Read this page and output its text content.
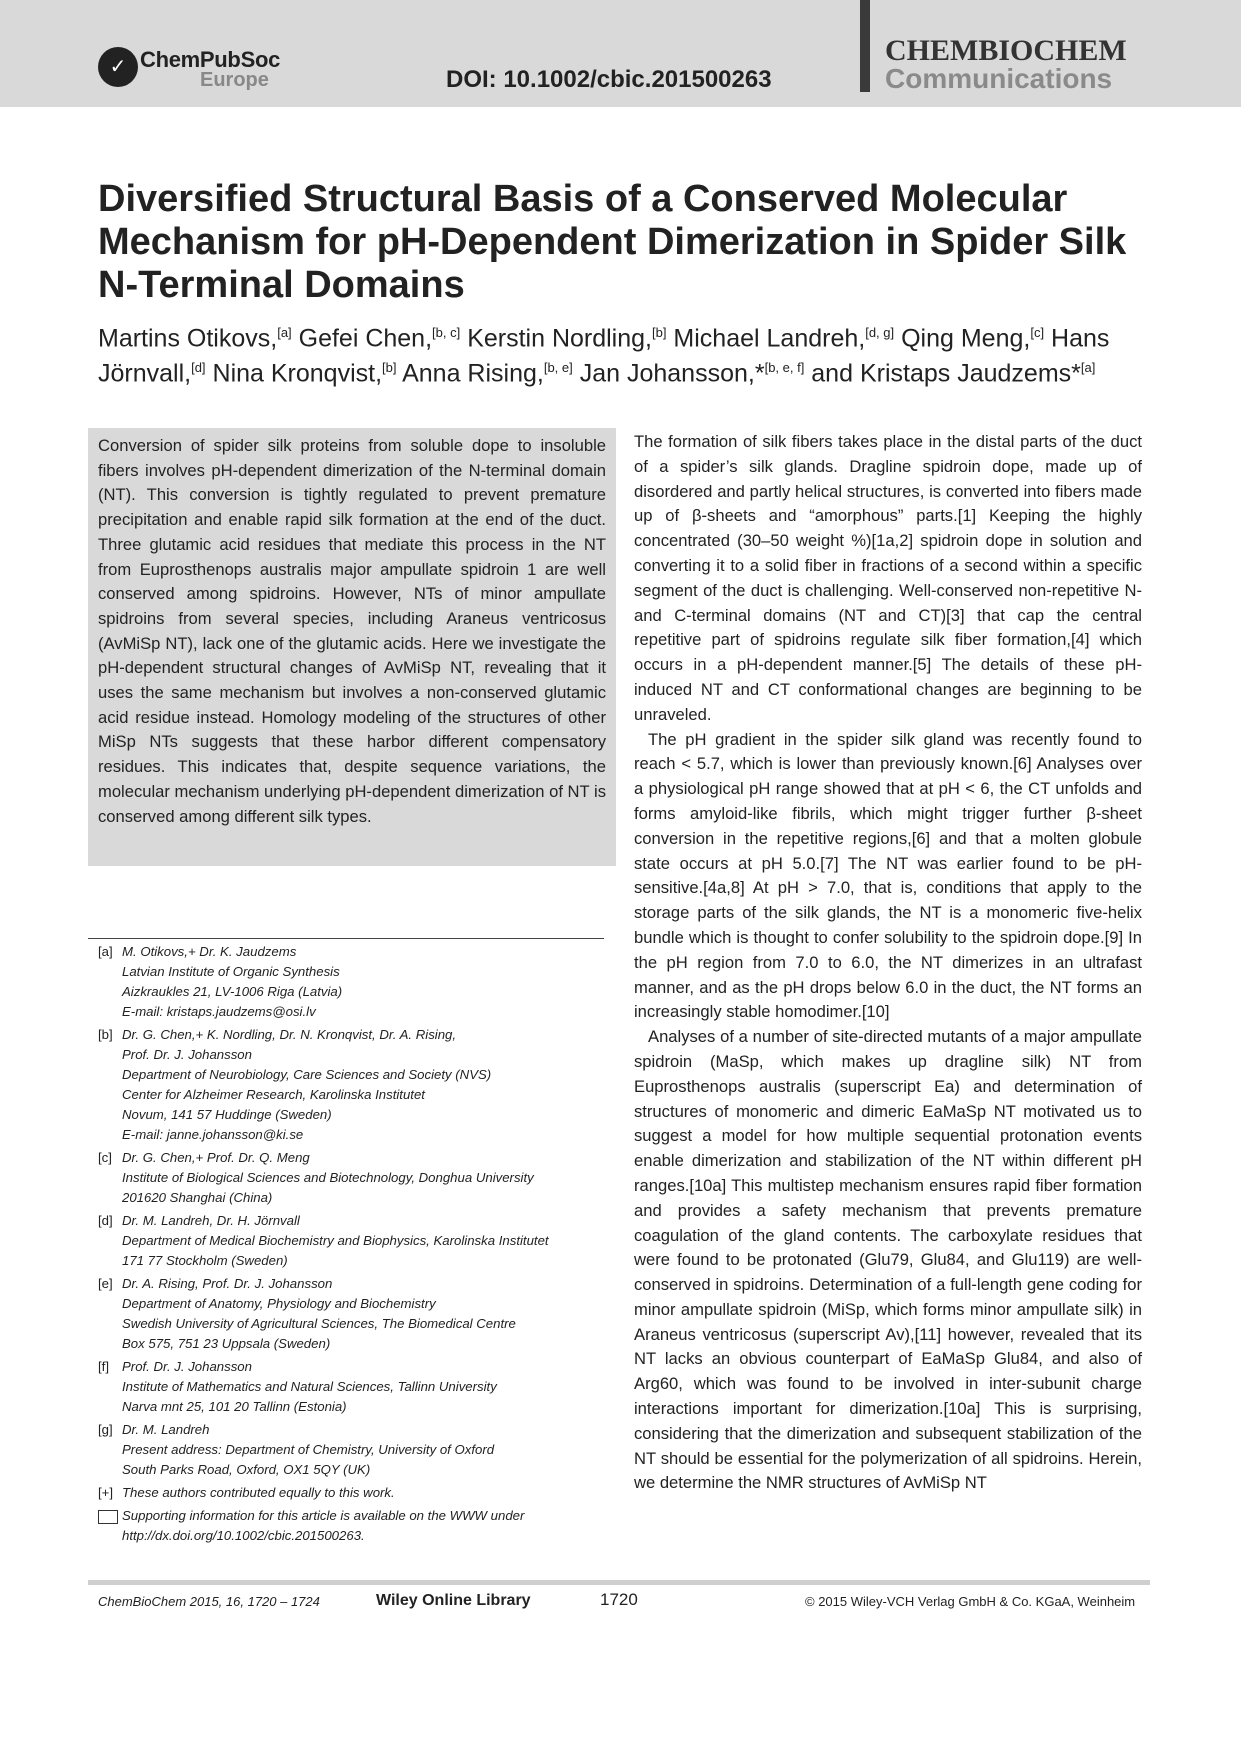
✓ ChemPubSoc
Europe	DOI: 10.1002/cbic.201500263
CHEMBIOCHEM
Communications
Diversified Structural Basis of a Conserved Molecular Mechanism for pH-Dependent Dimerization in Spider Silk N-Terminal Domains

Martins Otikovs,[a] Gefei Chen,[b, c] Kerstin Nordling,[b] Michael Landreh,[d, g] Qing Meng,[c] Hans Jörnvall,[d] Nina Kronqvist,[b] Anna Rising,[b, e] Jan Johansson,*[b, e, f] and Kristaps Jaudzems*[a]

Conversion of spider silk proteins from soluble dope to insoluble fibers involves pH-dependent dimerization of the N-terminal domain (NT). This conversion is tightly regulated to prevent premature precipitation and enable rapid silk formation at the end of the duct. Three glutamic acid residues that mediate this process in the NT from Euprosthenops australis major ampullate spidroin 1 are well conserved among spidroins. However, NTs of minor ampullate spidroins from several species, including Araneus ventricosus (AvMiSp NT), lack one of the glutamic acids. Here we investigate the pH-dependent structural changes of AvMiSp NT, revealing that it uses the same mechanism but involves a non-conserved glutamic acid residue instead. Homology modeling of the structures of other MiSp NTs suggests that these harbor different compensatory residues. This indicates that, despite sequence variations, the molecular mechanism underlying pH-dependent dimerization of NT is conserved among different silk types.

[a] M. Otikovs,+ Dr. K. Jaudzems
Latvian Institute of Organic Synthesis
Aizkraukles 21, LV-1006 Riga (Latvia)
E-mail: kristaps.jaudzems@osi.lv
[b] Dr. G. Chen,+ K. Nordling, Dr. N. Kronqvist, Dr. A. Rising,
Prof. Dr. J. Johansson
Department of Neurobiology, Care Sciences and Society (NVS)
Center for Alzheimer Research, Karolinska Institutet
Novum, 141 57 Huddinge (Sweden)
E-mail: janne.johansson@ki.se
[c] Dr. G. Chen,+ Prof. Dr. Q. Meng
Institute of Biological Sciences and Biotechnology, Donghua University
201620 Shanghai (China)
[d] Dr. M. Landreh, Dr. H. Jörnvall
Department of Medical Biochemistry and Biophysics, Karolinska Institutet
171 77 Stockholm (Sweden)
[e] Dr. A. Rising, Prof. Dr. J. Johansson
Department of Anatomy, Physiology and Biochemistry
Swedish University of Agricultural Sciences, The Biomedical Centre
Box 575, 751 23 Uppsala (Sweden)
[f] Prof. Dr. J. Johansson
Institute of Mathematics and Natural Sciences, Tallinn University
Narva mnt 25, 101 20 Tallinn (Estonia)
[g] Dr. M. Landreh
Present address: Department of Chemistry, University of Oxford
South Parks Road, Oxford, OX1 5QY (UK)
[+] These authors contributed equally to this work.
Supporting information for this article is available on the WWW under
http://dx.doi.org/10.1002/cbic.201500263.

The formation of silk fibers takes place in the distal parts of the duct of a spider’s silk glands. Dragline spidroin dope, made up of disordered and partly helical structures, is converted into fibers made up of β-sheets and “amorphous” parts.[1] Keeping the highly concentrated (30–50 weight %)[1a,2] spidroin dope in solution and converting it to a solid fiber in fractions of a second within a specific segment of the duct is challenging. Well-conserved non-repetitive N- and C-terminal domains (NT and CT)[3] that cap the central repetitive part of spidroins regulate silk fiber formation,[4] which occurs in a pH-dependent manner.[5] The details of these pH-induced NT and CT conformational changes are beginning to be unraveled.

The pH gradient in the spider silk gland was recently found to reach < 5.7, which is lower than previously known.[6] Analyses over a physiological pH range showed that at pH < 6, the CT unfolds and forms amyloid-like fibrils, which might trigger further β-sheet conversion in the repetitive regions,[6] and that a molten globule state occurs at pH 5.0.[7] The NT was earlier found to be pH-sensitive.[4a,8] At pH > 7.0, that is, conditions that apply to the storage parts of the silk glands, the NT is a monomeric five-helix bundle which is thought to confer solubility to the spidroin dope.[9] In the pH region from 7.0 to 6.0, the NT dimerizes in an ultrafast manner, and as the pH drops below 6.0 in the duct, the NT forms an increasingly stable homodimer.[10]

Analyses of a number of site-directed mutants of a major ampullate spidroin (MaSp, which makes up dragline silk) NT from Euprosthenops australis (superscript Ea) and determination of structures of monomeric and dimeric EaMaSp NT motivated us to suggest a model for how multiple sequential protonation events enable dimerization and stabilization of the NT within different pH ranges.[10a] This multistep mechanism ensures rapid fiber formation and provides a safety mechanism that prevents premature coagulation of the gland contents. The carboxylate residues that were found to be protonated (Glu79, Glu84, and Glu119) are well-conserved in spidroins. Determination of a full-length gene coding for minor ampullate spidroin (MiSp, which forms minor ampullate silk) in Araneus ventricosus (superscript Av),[11] however, revealed that its NT lacks an obvious counterpart of EaMaSp Glu84, and also of Arg60, which was found to be involved in inter-subunit charge interactions important for dimerization.[10a] This is surprising, considering that the dimerization and subsequent stabilization of the NT should be essential for the polymerization of all spidroins. Herein, we determine the NMR structures of AvMiSp NT

ChemBioChem 2015, 16, 1720 – 1724	Wiley Online Library	1720	© 2015 Wiley-VCH Verlag GmbH & Co. KGaA, Weinheim
